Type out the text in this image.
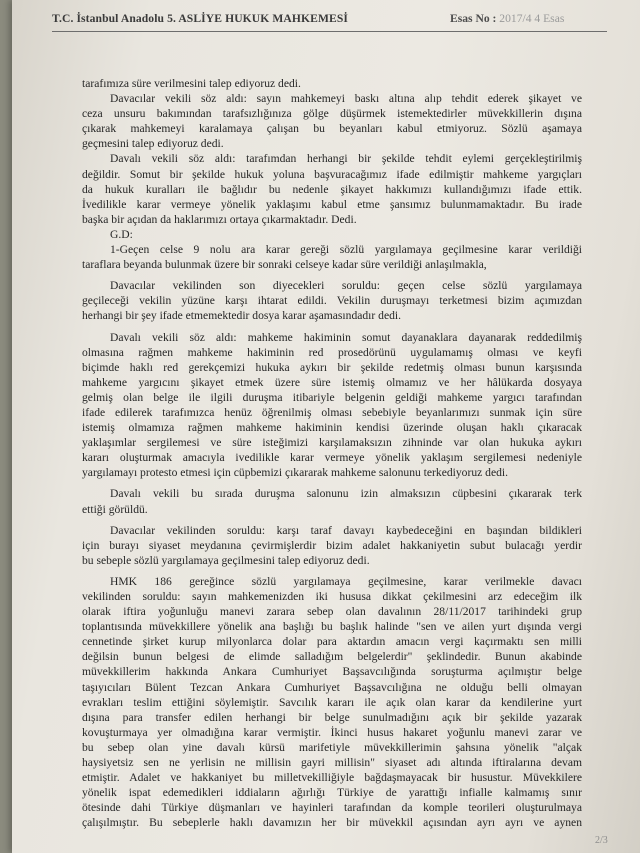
T.C. İstanbul Anadolu 5. ASLİYE HUKUK MAHKEMESİ	Esas No : 2017/4 4 Esas
tarafımıza süre verilmesini talep ediyoruz dedi.
Davacılar vekili söz aldı: sayın mahkemeyi baskı altına alıp tehdit ederek şikayet ve
ceza unsuru bakımından tarafsızlığınıza gölge düşürmek istemektedirler müvekkillerin dışına
çıkarak mahkemeyi karalamaya çalışan bu beyanları kabul etmiyoruz. Sözlü aşamaya
geçmesini talep ediyoruz dedi.
Davalı vekili söz aldı: tarafımdan herhangi bir şekilde tehdit eylemi gerçekleştirilmiş
değildir. Somut bir şekilde hukuk yoluna başvuracağımız ifade edilmiştir mahkeme yargıçları
da hukuk kuralları ile bağlıdır bu nedenle şikayet hakkımızı kullandığımızı ifade ettik.
İvedilikle karar vermeye yönelik yaklaşımı kabul etme şansımız bulunmamaktadır. Bu irade
başka bir açıdan da haklarımızı ortaya çıkarmaktadır. Dedi.
G.D:
1-Geçen celse 9 nolu ara karar gereği sözlü yargılamaya geçilmesine karar verildiği
taraflara beyanda bulunmak üzere bir sonraki celseye kadar süre verildiği anlaşılmakla,
Davacılar vekilinden son diyecekleri soruldu: geçen celse sözlü yargılamaya
geçileceği vekilin yüzüne karşı ihtarat edildi. Vekilin duruşmayı terketmesi bizim açımızdan
herhangi bir şey ifade etmemektedir dosya karar aşamasındadır dedi.
Davalı vekili söz aldı: mahkeme hakiminin somut dayanaklara dayanarak reddedilmiş
olmasına rağmen mahkeme hakiminin red prosedörünü uygulamamış olması ve keyfi
biçimde haklı red gerekçemizi hukuka aykırı bir şekilde redetmiş olması bunun karşısında
mahkeme yargıcını şikayet etmek üzere süre istemiş olmamız ve her hâlükarda dosyaya
gelmiş olan belge ile ilgili duruşma itibariyle belgenin geldiği mahkeme yargıcı tarafından
ifade edilerek tarafımızca henüz öğrenilmiş olması sebebiyle beyanlarımızı sunmak için süre
istemiş olmamıza rağmen mahkeme hakiminin kendisi üzerinde oluşan haklı çıkaracak
yaklaşımlar sergilemesi ve süre isteğimizi karşılamaksızın zihninde var olan hukuka aykırı
kararı oluşturmak amacıyla ivedilikle karar vermeye yönelik yaklaşım sergilemesi nedeniyle
yargılamayı protesto etmesi için cüpbemizi çıkararak mahkeme salonunu terkediyoruz dedi.
Davalı vekili bu sırada duruşma salonunu izin almaksızın cüpbesini çıkararak terk
ettiği görüldü.
Davacılar vekilinden soruldu: karşı taraf davayı kaybedeceğini en başından bildikleri
için burayı siyaset meydanına çevirmişlerdir bizim adalet hakkaniyetin subut bulacağı yerdir
bu sebeple sözlü yargılamaya geçilmesini talep ediyoruz dedi.
HMK 186 gereğince sözlü yargılamaya geçilmesine, karar verilmekle davacı
vekilinden soruldu: sayın mahkemenizden iki hususa dikkat çekilmesini arz edeceğim ilk
olarak iftira yoğunluğu manevi zarara sebep olan davalının 28/11/2017 tarihindeki grup
toplantısında müvekkillere yönelik ana başlığı bu başlık halinde "sen ve ailen yurt dışında vergi
cennetinde şirket kurup milyonlarca dolar para aktardın amacın vergi kaçırmaktı sen milli
değilsin bunun belgesi de elimde salladığım belgelerdir" şeklindedir. Bunun akabinde
müvekkillerim hakkında Ankara Cumhuriyet Başsavcılığında soruşturma açılmıştır belge
taşıyıcıları Bülent Tezcan Ankara Cumhuriyet Başsavcılığına ne olduğu belli olmayan
evrakları teslim ettiğini söylemiştir. Savcılık kararı ile açık olan karar da kendilerine yurt
dışına para transfer edilen herhangi bir belge sunulmadığını açık bir şekilde yazarak
kovuşturmaya yer olmadığına karar vermiştir. İkinci husus hakaret yoğunlu manevi zarar ve
bu sebep olan yine davalı kürsü marifetiyle müvekkillerimin şahsına yönelik "alçak
haysiyetsiz sen ne yerlisin ne millisin gayri millisin" siyaset adı altında iftiralarına devam
etmiştir. Adalet ve hakkaniyet bu milletvekilliğiyle bağdaşmayacak bir husustur. Müvekkilere
yönelik ispat edemedikleri iddiaların ağırlığı Türkiye de yarattığı infialle kalmamış sınır
ötesinde dahi Türkiye düşmanları ve hayinleri tarafından da komple teorileri oluşturulmaya
çalışılmıştır. Bu sebeplerle haklı davamızın her bir müvekkil açısından ayrı ayrı ve aynen
2/3
